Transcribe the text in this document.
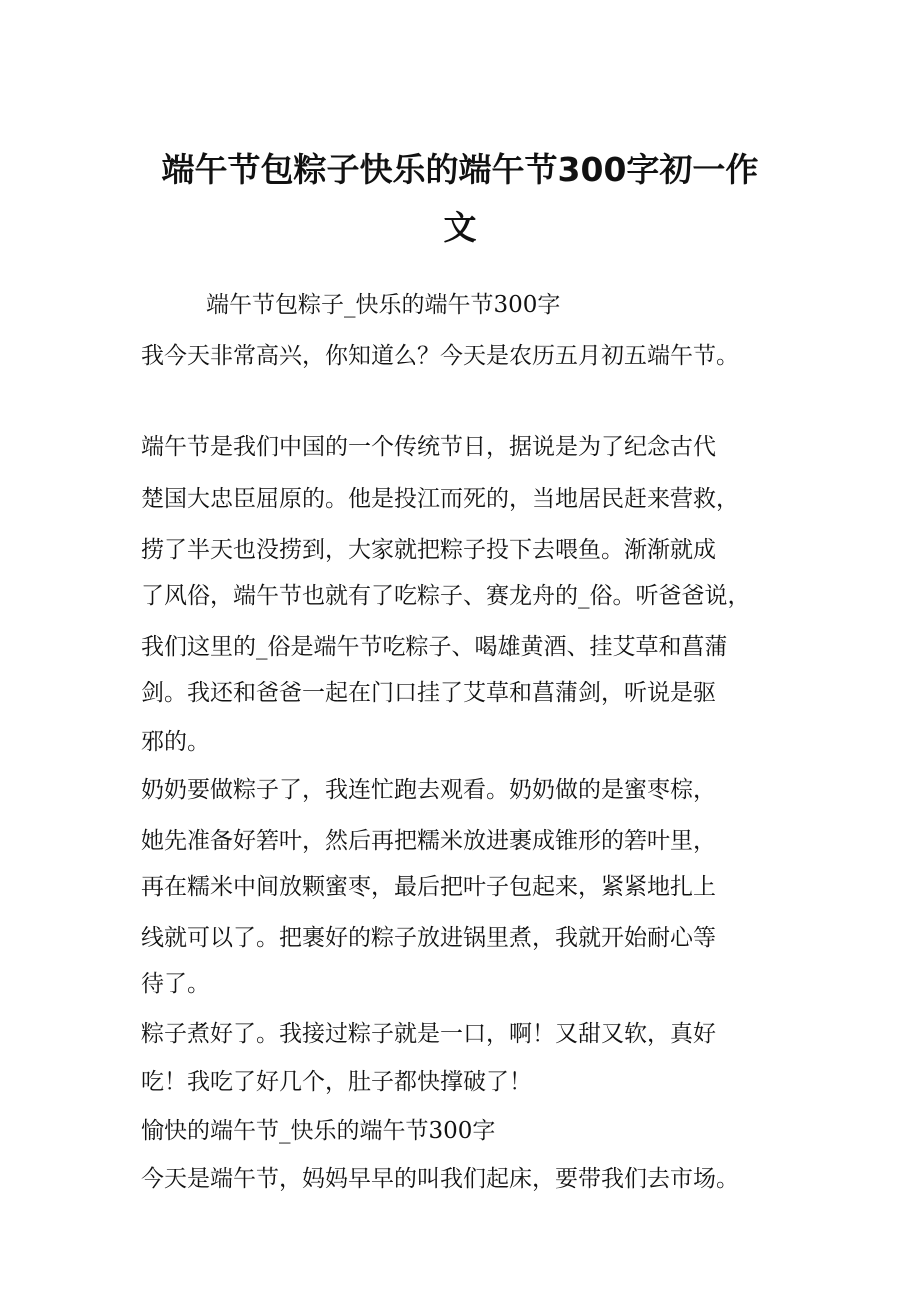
端午节包粽子快乐的端午节300字初一作
文

端午节包粽子_快乐的端午节300字

我今天非常高兴，你知道么？今天是农历五月初五端午节。

端午节是我们中国的一个传统节日，据说是为了纪念古代

楚国大忠臣屈原的。他是投江而死的，当地居民赶来营救，

捞了半天也没捞到，大家就把粽子投下去喂鱼。渐渐就成

了风俗，端午节也就有了吃粽子、赛龙舟的_俗。听爸爸说，

我们这里的_俗是端午节吃粽子、喝雄黄酒、挂艾草和菖蒲

剑。我还和爸爸一起在门口挂了艾草和菖蒲剑，听说是驱

邪的。

奶奶要做粽子了，我连忙跑去观看。奶奶做的是蜜枣棕，

她先准备好箬叶，然后再把糯米放进裹成锥形的箬叶里，

再在糯米中间放颗蜜枣，最后把叶子包起来，紧紧地扎上

线就可以了。把裹好的粽子放进锅里煮，我就开始耐心等

待了。

粽子煮好了。我接过粽子就是一口，啊！又甜又软，真好

吃！我吃了好几个，肚子都快撑破了！

愉快的端午节_快乐的端午节300字

今天是端午节，妈妈早早的叫我们起床，要带我们去市场。
